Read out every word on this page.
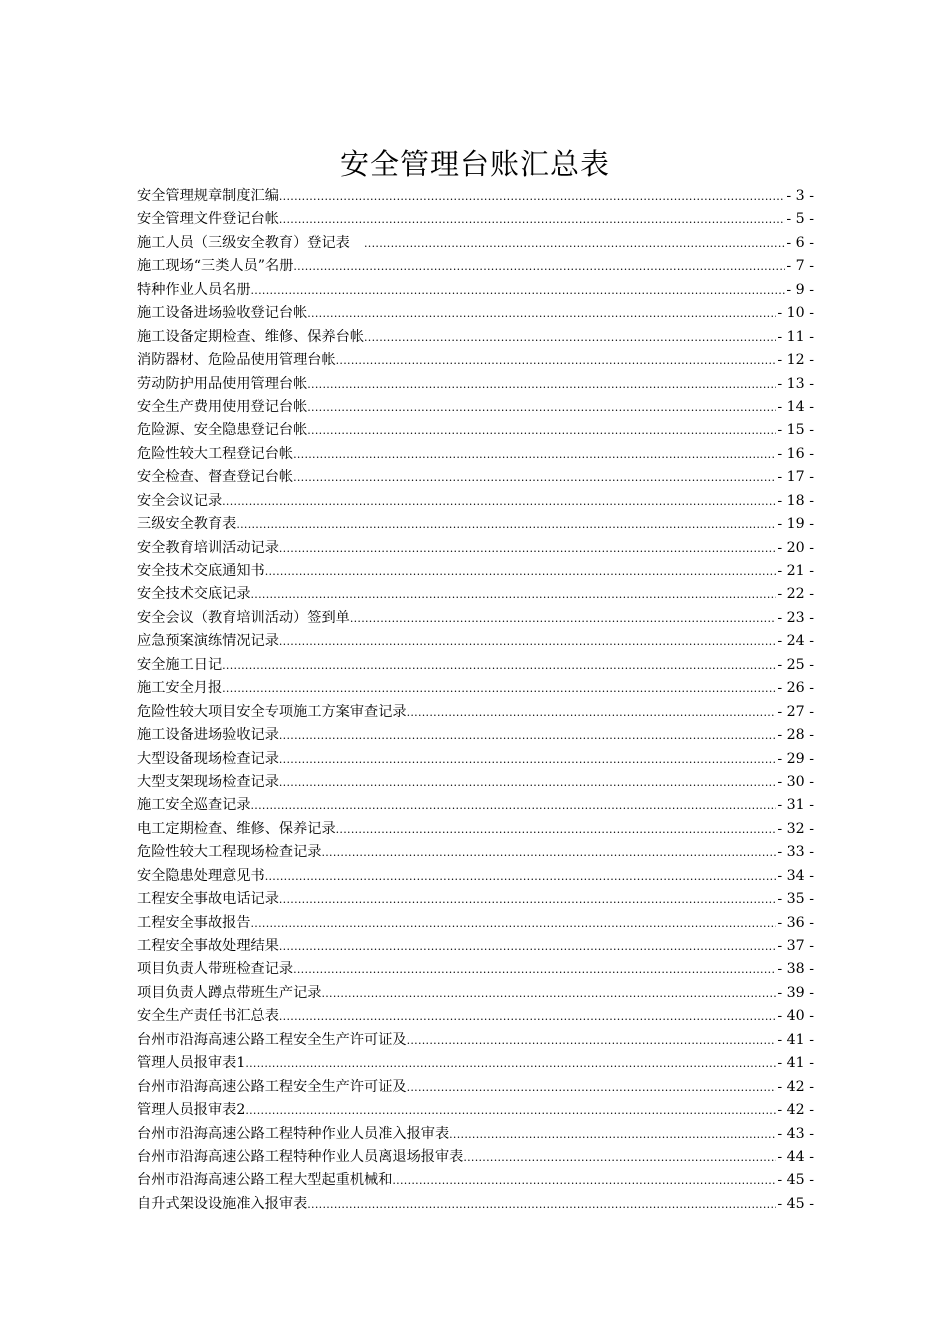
安全管理台账汇总表
安全管理规章制度汇编 .....	- 3 -
安全管理文件登记台帐 .....	- 5 -
施工人员（三级安全教育）登记表　 .....	- 6 -
施工现场“三类人员”名册 .....	- 7 -
特种作业人员名册 .....	- 9 -
施工设备进场验收登记台帐 .....	- 10 -
施工设备定期检查、维修、保养台帐 .....	- 11 -
消防器材、危险品使用管理台帐 .....	- 12 -
劳动防护用品使用管理台帐 .....	- 13 -
安全生产费用使用登记台帐 .....	- 14 -
危险源、安全隐患登记台帐 .....	- 15 -
危险性较大工程登记台帐 .....	- 16 -
安全检查、督查登记台帐 .....	- 17 -
安全会议记录 .....	- 18 -
三级安全教育表 .....	- 19 -
安全教育培训活动记录 .....	- 20 -
安全技术交底通知书 .....	- 21 -
安全技术交底记录 .....	- 22 -
安全会议（教育培训活动）签到单 .....	- 23 -
应急预案演练情况记录 .....	- 24 -
安全施工日记 .....	- 25 -
施工安全月报 .....	- 26 -
危险性较大项目安全专项施工方案审查记录 .....	- 27 -
施工设备进场验收记录 .....	- 28 -
大型设备现场检查记录 .....	- 29 -
大型支架现场检查记录 .....	- 30 -
施工安全巡查记录 .....	- 31 -
电工定期检查、维修、保养记录 .....	- 32 -
危险性较大工程现场检查记录 .....	- 33 -
安全隐患处理意见书 .....	- 34 -
工程安全事故电话记录 .....	- 35 -
工程安全事故报告 .....	- 36 -
工程安全事故处理结果 .....	- 37 -
项目负责人带班检查记录 .....	- 38 -
项目负责人蹲点带班生产记录 .....	- 39 -
安全生产责任书汇总表 .....	- 40 -
台州市沿海高速公路工程安全生产许可证及 .....	- 41 -
管理人员报审表1 .....	- 41 -
台州市沿海高速公路工程安全生产许可证及 .....	- 42 -
管理人员报审表2 .....	- 42 -
台州市沿海高速公路工程特种作业人员准入报审表 .....	- 43 -
台州市沿海高速公路工程特种作业人员离退场报审表 .....	- 44 -
台州市沿海高速公路工程大型起重机械和 .....	- 45 -
自升式架设设施准入报审表 .....	- 45 -
